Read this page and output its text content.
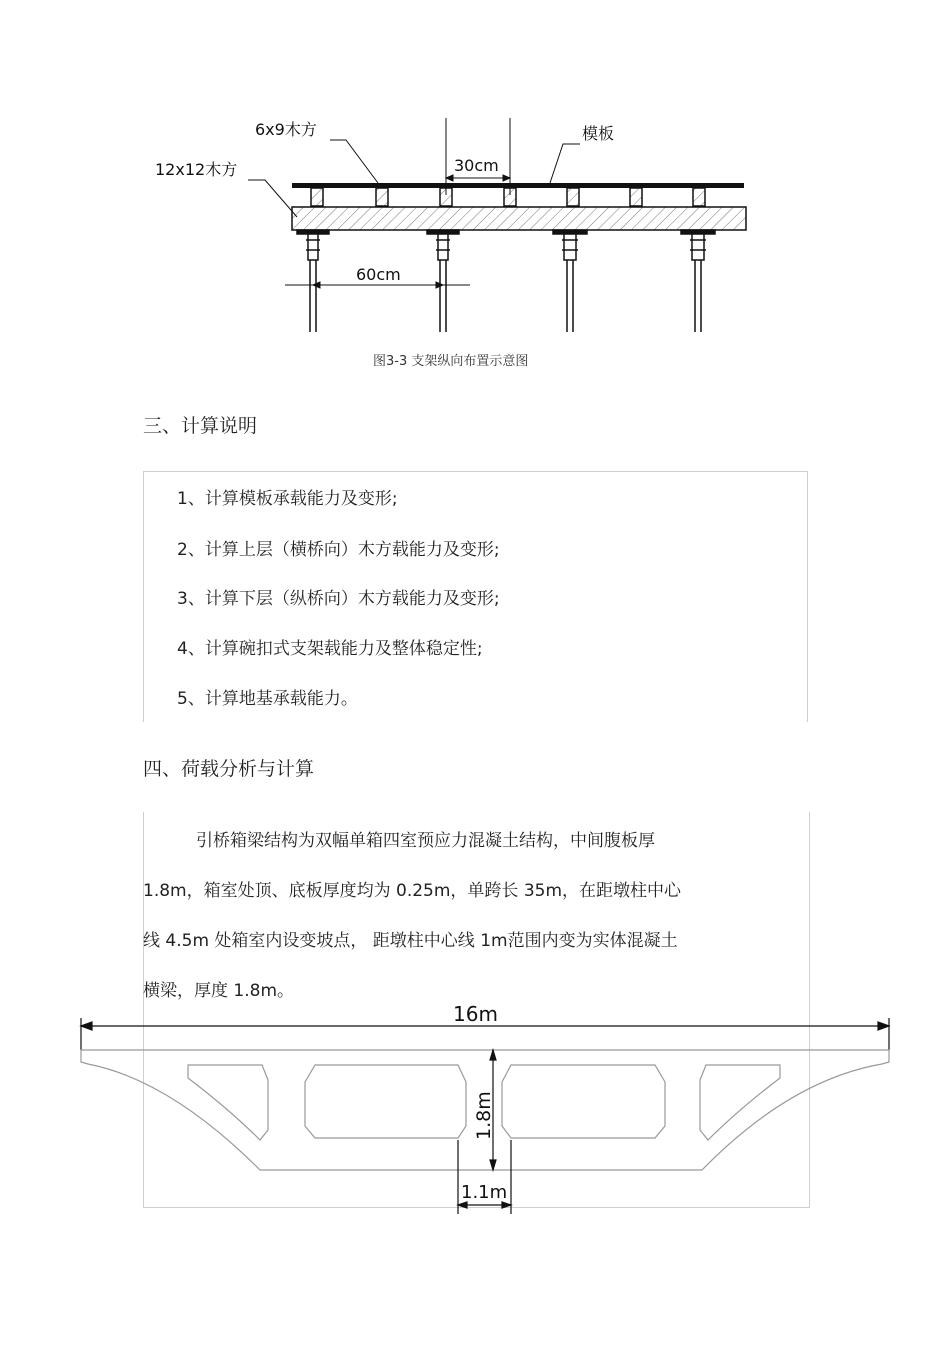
30cm
60cm
6x9木方	模板
12x12木方
图3-3 支架纵向布置示意图
三、计算说明
1、计算模板承载能力及变形;
2、计算上层（横桥向）木方载能力及变形;
3、计算下层（纵桥向）木方载能力及变形;
4、计算碗扣式支架载能力及整体稳定性;
5、计算地基承载能力。
四、荷载分析与计算
引桥箱梁结构为双幅单箱四室预应力混凝土结构，中间腹板厚
1.8m，箱室处顶、底板厚度均为 0.25m，单跨长 35m，在距墩柱中心
线 4.5m 处箱室内设变坡点， 距墩柱中心线 1m范围内变为实体混凝土
横梁，厚度 1.8m。
16m
1.8m
1.1m
